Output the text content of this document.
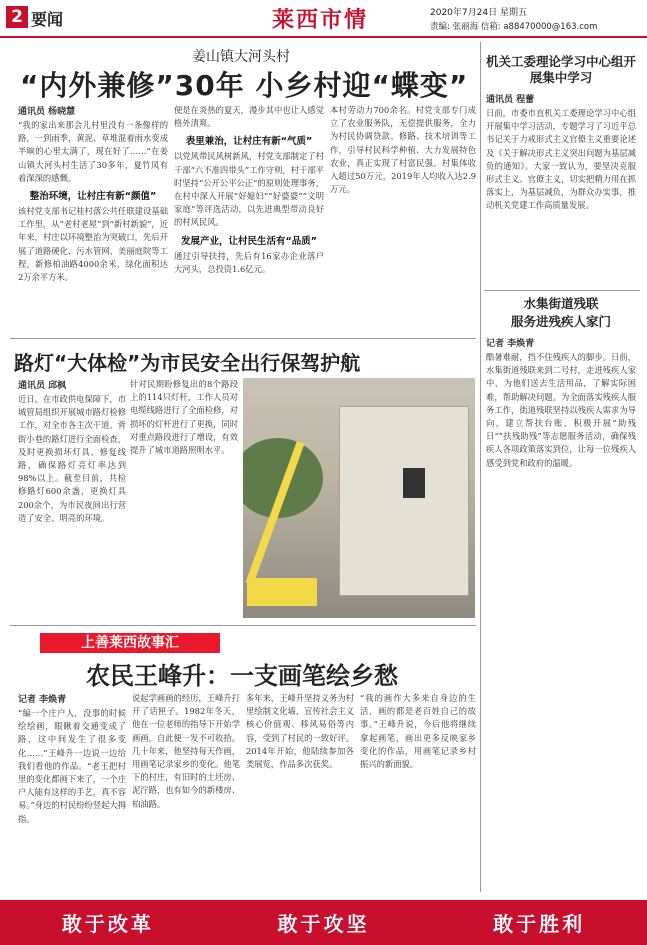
2 要闻	莱西市情	2020年7月24日 星期五
责编: 张丽海 信箱: a88470000@163.com
姜山镇大河头村
“内外兼修”30年 小乡村迎“蝶变”
通讯员 杨晓慧
“我的家出来那会儿村里没有一条像样的路，一到雨季，黄泥、草堆混着雨水变成半晌的心里太满了，现在好了……”在姜山镇大河头村生活了30多年，夏竹凤有着深深的感慨。
整治环境，让村庄有新“颜值”
该村党支部书记桂村落公共任联建设基础工作里，从“老村老屋”到“新村新貌”，近年来，村庄以环境整治为突破口，先后开展了道路硬化、污水管网、美丽庭院等工程，新修柏油路4000余米，绿化面积达2万余平方米。
便是在炎热的夏天，漫步其中也让人感觉格外清爽。
表里兼治，让村庄有新“气质”
以党风带民风树新风，村党支部制定了村干部“六不准四带头”工作守则，村干部平时坚持“公开公平公正”的原则处理事务，在村中深入开展“好媳妇”“好婆婆”“文明家庭”等评选活动，以先进典型带动良好的村风民风。
发展产业，让村民生活有“品质”
通过引导扶持，先后有16家办企业落户大河头，总投资1.6亿元。
本村劳动力700余名。村党支部专门成立了农业服务队，无偿提供服务，全力为村民协调贷款、修路、技术培训等工作，引导村民科学种植、大力发展特色农业，真正实现了村富民强。村集体收入超过50万元，2019年人均收入达2.9万元。
机关工委理论学习中心组开展集中学习
通讯员 程蕾
日前，市委市直机关工委理论学习中心组开展集中学习活动，专题学习了习近平总书记关于力戒形式主义官僚主义重要论述及《关于解决形式主义突出问题为基层减负的通知》。大家一致认为，要坚决克服形式主义、官僚主义，切实把精力用在抓落实上，为基层减负，为群众办实事，推动机关党建工作高质量发展。
水集街道残联
服务进残疾人家门
记者 李焕青
酷暑难耐，挡不住残疾人的脚步。日前，水集街道残联来到二号村，走进残疾人家中，为他们送去生活用品，了解实际困难，帮助解决问题。为全面落实残疾人服务工作，街道残联坚持以残疾人需求为导向，建立帮扶台账，积极开展“助残日”“扶残助残”等志愿服务活动，确保残疾人各项政策落实到位，让每一位残疾人感受到党和政府的温暖。
路灯“大体检”为市民安全出行保驾护航
通讯员 邱枫
近日，在市政供电保障下，市城管局组织开展城市路灯检修工作，对全市各主次干道、背街小巷的路灯进行全面检查，及时更换损坏灯具、修复线路，确保路灯亮灯率达到98%以上。截至目前，共检修路灯600余盏，更换灯具200余个，为市民夜间出行营造了安全、明亮的环境。
针对民期盼修复出的8个路段上的114只灯杆，工作人员对电缆线路进行了全面检修，对损坏的灯杆进行了更换，同时对重点路段进行了增设，有效提升了城市道路照明水平。
上善莱西故事汇
农民王峰升：一支画笔绘乡愁
记者 李焕青
“编一个庄户人，没事的时候绘绘画，眼瞅着交通变成了路，这中间发生了很多变化……”王峰升一边说一边给我们看他的作品。“老王把村里的变化都画下来了，一个庄户人能有这样的手艺，真不容易。”身边的村民纷纷竖起大拇指。
说起学画画的经历，王峰升打开了话匣子。1982年冬天，他在一位老师的指导下开始学画画，自此便一发不可收拾。几十年来，他坚持每天作画，用画笔记录家乡的变化。他笔下的村庄，有旧时的土坯房、泥泞路，也有如今的新楼房、柏油路。
多年来，王峰升坚持义务为村里绘制文化墙，宣传社会主义核心价值观、移风易俗等内容，受到了村民的一致好评。2014年开始，他陆续参加各类展览，作品多次获奖。
“我的画作大多来自身边的生活，画的都是老百姓自己的故事。”王峰升说，今后他将继续拿起画笔，画出更多反映家乡变化的作品，用画笔记录乡村振兴的新面貌。
敢于改革	敢于攻坚	敢于胜利
